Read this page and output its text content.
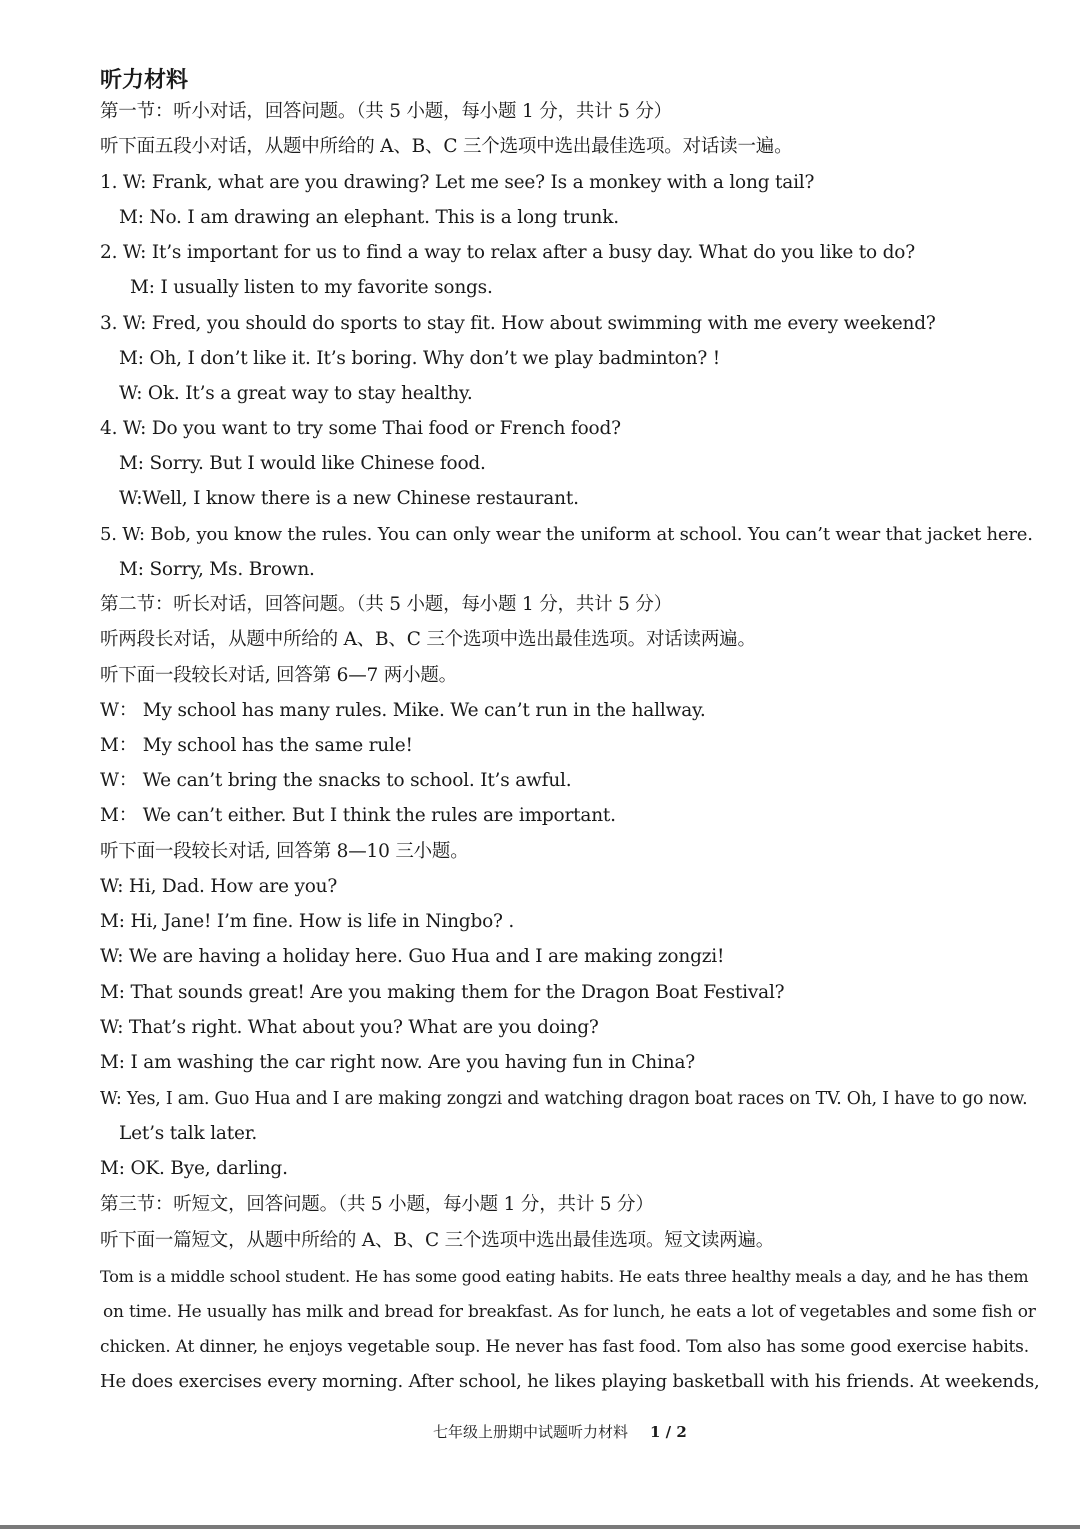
听力材料
第一节：听小对话，回答问题。（共 5 小题，每小题 1 分，共计 5 分）
听下面五段小对话，从题中所给的 A、B、C 三个选项中选出最佳选项。对话读一遍。
1. W: Frank, what are you drawing? Let me see? Is a monkey with a long tail?
M: No. I am drawing an elephant. This is a long trunk.
2. W: It’s important for us to find a way to relax after a busy day. What do you like to do?
M: I usually listen to my favorite songs.
3. W: Fred, you should do sports to stay fit. How about swimming with me every weekend?
M: Oh, I don’t like it. It’s boring. Why don’t we play badminton? !
W: Ok. It’s a great way to stay healthy.
4. W: Do you want to try some Thai food or French food?
M: Sorry. But I would like Chinese food.
W:Well, I know there is a new Chinese restaurant.
5. W: Bob, you know the rules. You can only wear the uniform at school. You can’t wear that jacket here.
M: Sorry, Ms. Brown.
第二节：听长对话，回答问题。（共 5 小题，每小题 1 分，共计 5 分）
听两段长对话，从题中所给的 A、B、C 三个选项中选出最佳选项。对话读两遍。
听下面一段较长对话, 回答第 6—7 两小题。
W： My school has many rules. Mike. We can’t run in the hallway.
M： My school has the same rule!
W： We can’t bring the snacks to school. It’s awful.
M： We can’t either. But I think the rules are important.
听下面一段较长对话, 回答第 8—10 三小题。
W: Hi, Dad. How are you?
M: Hi, Jane! I’m fine. How is life in Ningbo? .
W: We are having a holiday here. Guo Hua and I are making zongzi!
M: That sounds great! Are you making them for the Dragon Boat Festival?
W: That’s right. What about you? What are you doing?
M: I am washing the car right now. Are you having fun in China?
W: Yes, I am. Guo Hua and I are making zongzi and watching dragon boat races on TV. Oh, I have to go now.
Let’s talk later.
M: OK. Bye, darling.
第三节：听短文，回答问题。（共 5 小题，每小题 1 分，共计 5 分）
听下面一篇短文，从题中所给的 A、B、C 三个选项中选出最佳选项。短文读两遍。
Tom is a middle school student. He has some good eating habits. He eats three healthy meals a day, and he has them
on time. He usually has milk and bread for breakfast. As for lunch, he eats a lot of vegetables and some fish or
chicken. At dinner, he enjoys vegetable soup. He never has fast food. Tom also has some good exercise habits.
He does exercises every morning. After school, he likes playing basketball with his friends. At weekends,
七年级上册期中试题听力材料 1 / 2
